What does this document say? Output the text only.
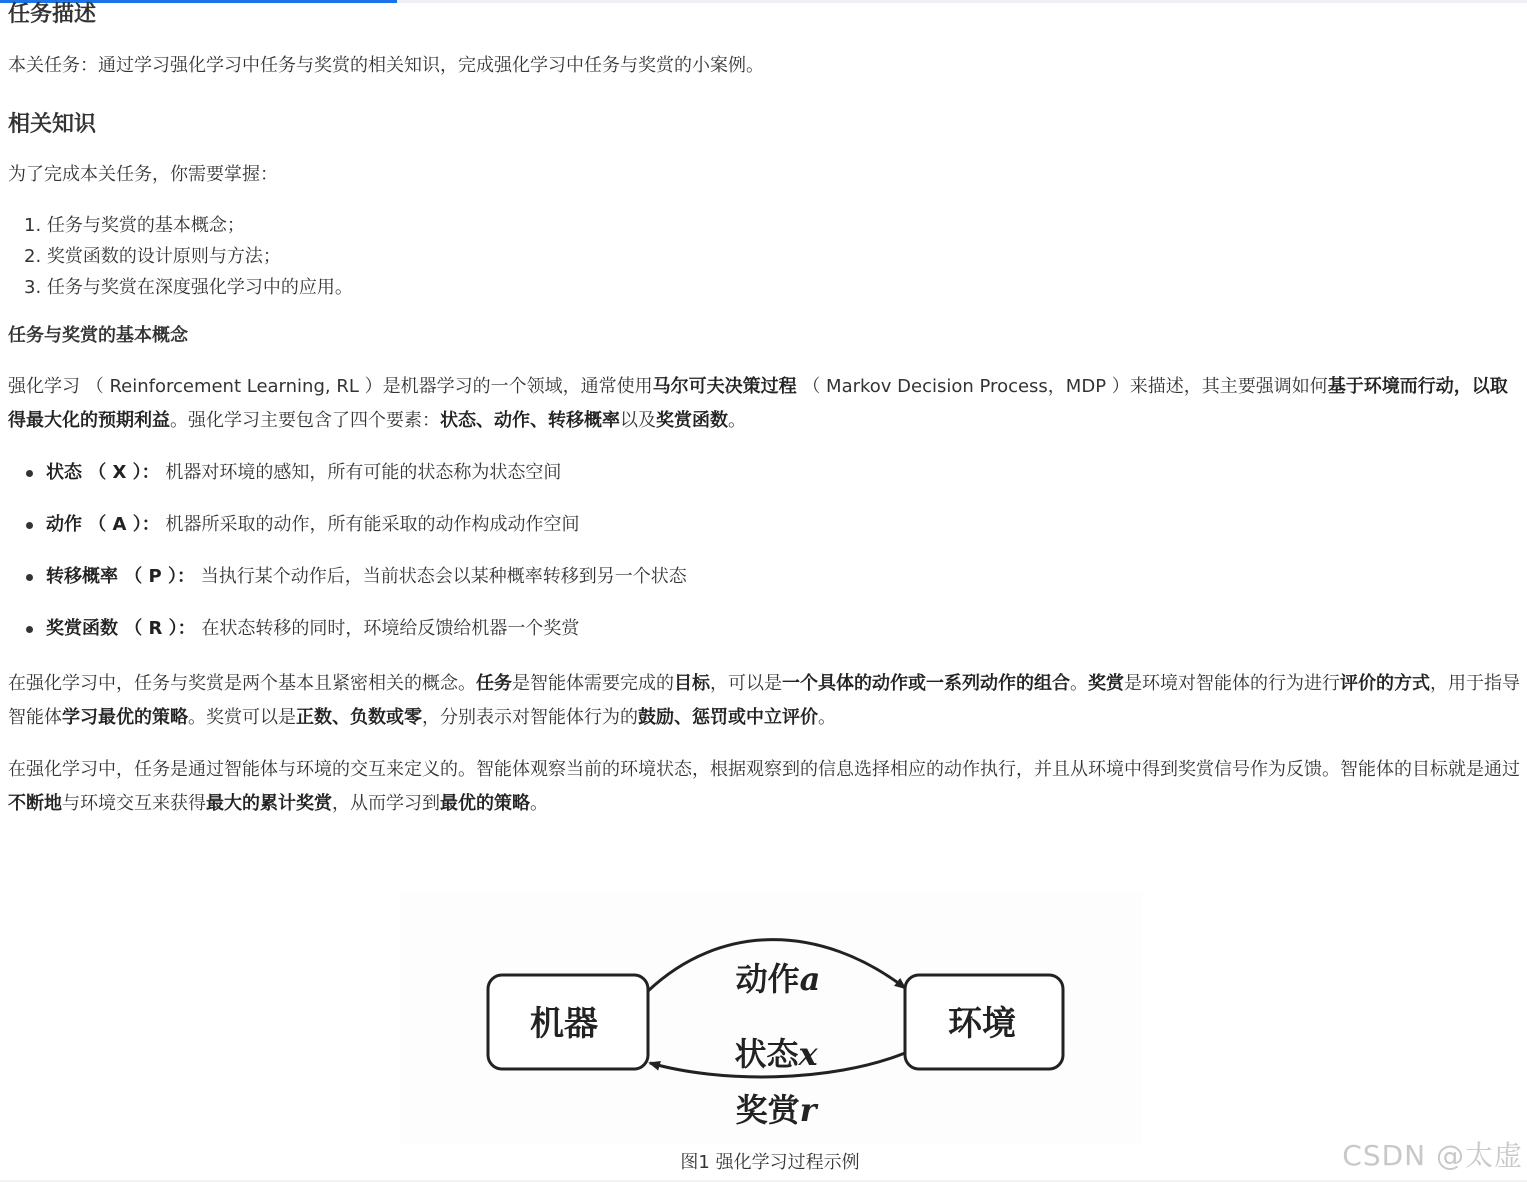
任务描述

本关任务：通过学习强化学习中任务与奖赏的相关知识，完成强化学习中任务与奖赏的小案例。

相关知识

为了完成本关任务，你需要掌握：

1. 任务与奖赏的基本概念；
2. 奖赏函数的设计原则与方法；
3. 任务与奖赏在深度强化学习中的应用。
任务与奖赏的基本概念

强化学习 （ Reinforcement Learning, RL ）是机器学习的一个领域，通常使用马尔可夫决策过程 （ Markov Decision Process，MDP ）来描述，其主要强调如何基于环境而行动，以取得最大化的预期利益。强化学习主要包含了四个要素：状态、动作、转移概率以及奖赏函数。

状态 （ X ）： 机器对环境的感知，所有可能的状态称为状态空间
动作 （ A ）： 机器所采取的动作，所有能采取的动作构成动作空间
转移概率 （ P ）： 当执行某个动作后，当前状态会以某种概率转移到另一个状态
奖赏函数 （ R ）： 在状态转移的同时，环境给反馈给机器一个奖赏

在强化学习中，任务与奖赏是两个基本且紧密相关的概念。任务是智能体需要完成的目标，可以是一个具体的动作或一系列动作的组合。奖赏是环境对智能体的行为进行评价的方式，用于指导智能体学习最优的策略。奖赏可以是正数、负数或零，分别表示对智能体行为的鼓励、惩罚或中立评价。

在强化学习中，任务是通过智能体与环境的交互来定义的。智能体观察当前的环境状态，根据观察到的信息选择相应的动作执行，并且从环境中得到奖赏信号作为反馈。智能体的目标就是通过不断地与环境交互来获得最大的累计奖赏，从而学习到最优的策略。

机器	环境
动作a
状态x
奖赏r
图1 强化学习过程示例	CSDN @太虚
